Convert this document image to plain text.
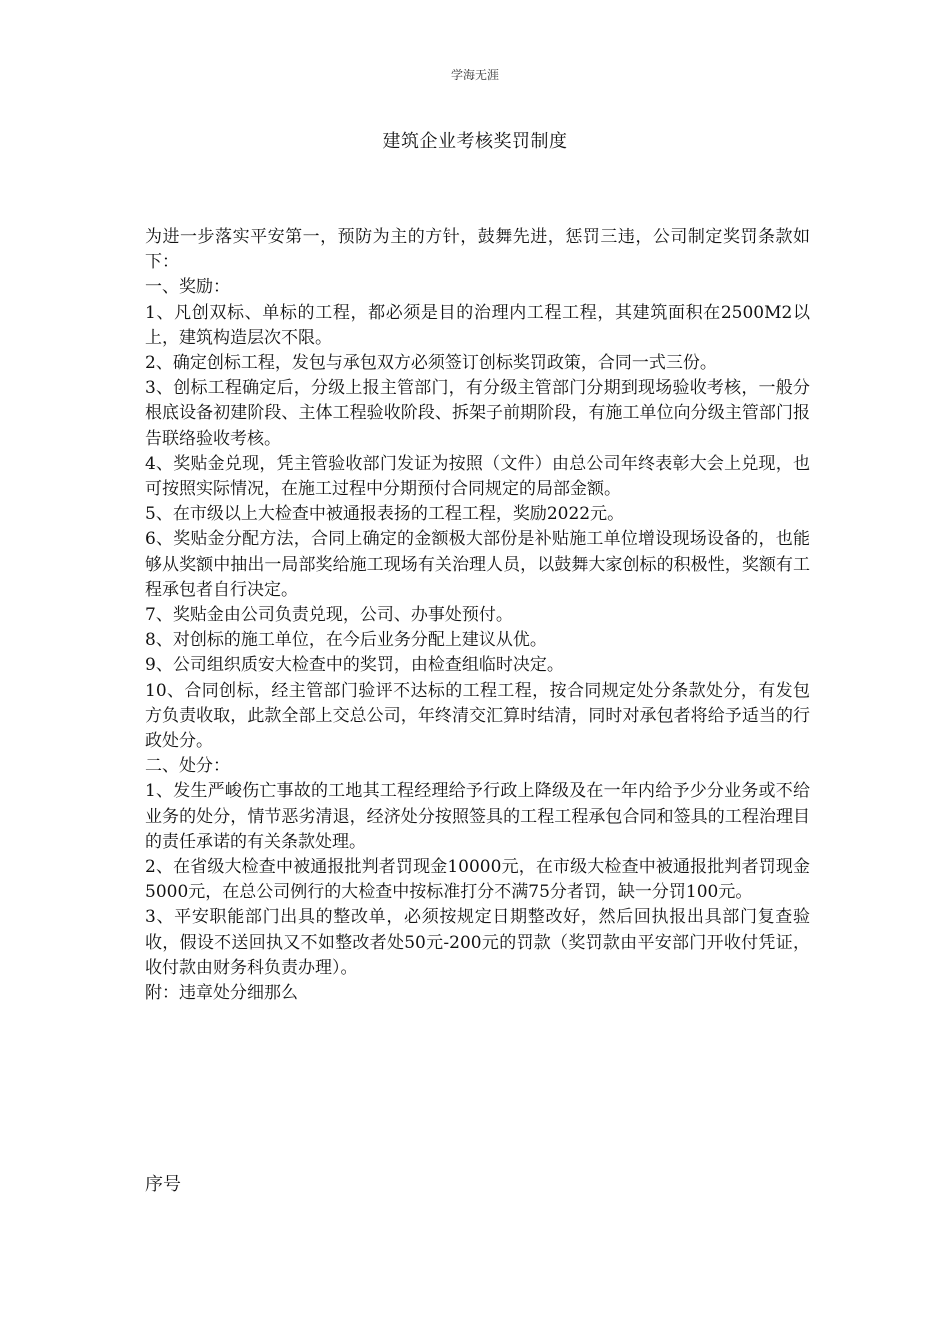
学海无涯
建筑企业考核奖罚制度

为进一步落实平安第一，预防为主的方针，鼓舞先进，惩罚三违，公司制定奖罚条款如下：

一、奖励：

1、凡创双标、单标的工程，都必须是目的治理内工程工程，其建筑面积在2500M2以上，建筑构造层次不限。

2、确定创标工程，发包与承包双方必须签订创标奖罚政策，合同一式三份。

3、创标工程确定后，分级上报主管部门，有分级主管部门分期到现场验收考核，一般分根底设备初建阶段、主体工程验收阶段、拆架子前期阶段，有施工单位向分级主管部门报告联络验收考核。

4、奖贴金兑现，凭主管验收部门发证为按照（文件）由总公司年终表彰大会上兑现，也可按照实际情况，在施工过程中分期预付合同规定的局部金额。

5、在市级以上大检查中被通报表扬的工程工程，奖励2022元。

6、奖贴金分配方法，合同上确定的金额极大部份是补贴施工单位增设现场设备的，也能够从奖额中抽出一局部奖给施工现场有关治理人员，以鼓舞大家创标的积极性，奖额有工程承包者自行决定。

7、奖贴金由公司负责兑现，公司、办事处预付。

8、对创标的施工单位，在今后业务分配上建议从优。

9、公司组织质安大检查中的奖罚，由检查组临时决定。

10、合同创标，经主管部门验评不达标的工程工程，按合同规定处分条款处分，有发包方负责收取，此款全部上交总公司，年终清交汇算时结清，同时对承包者将给予适当的行政处分。

二、处分：

1、发生严峻伤亡事故的工地其工程经理给予行政上降级及在一年内给予少分业务或不给业务的处分，情节恶劣清退，经济处分按照签具的工程工程承包合同和签具的工程治理目的责任承诺的有关条款处理。

2、在省级大检查中被通报批判者罚现金10000元，在市级大检查中被通报批判者罚现金5000元，在总公司例行的大检查中按标准打分不满75分者罚，缺一分罚100元。

3、平安职能部门出具的整改单，必须按规定日期整改好，然后回执报出具部门复查验收，假设不送回执又不如整改者处50元-200元的罚款（奖罚款由平安部门开收付凭证，收付款由财务科负责办理）。

附：违章处分细那么

序号
